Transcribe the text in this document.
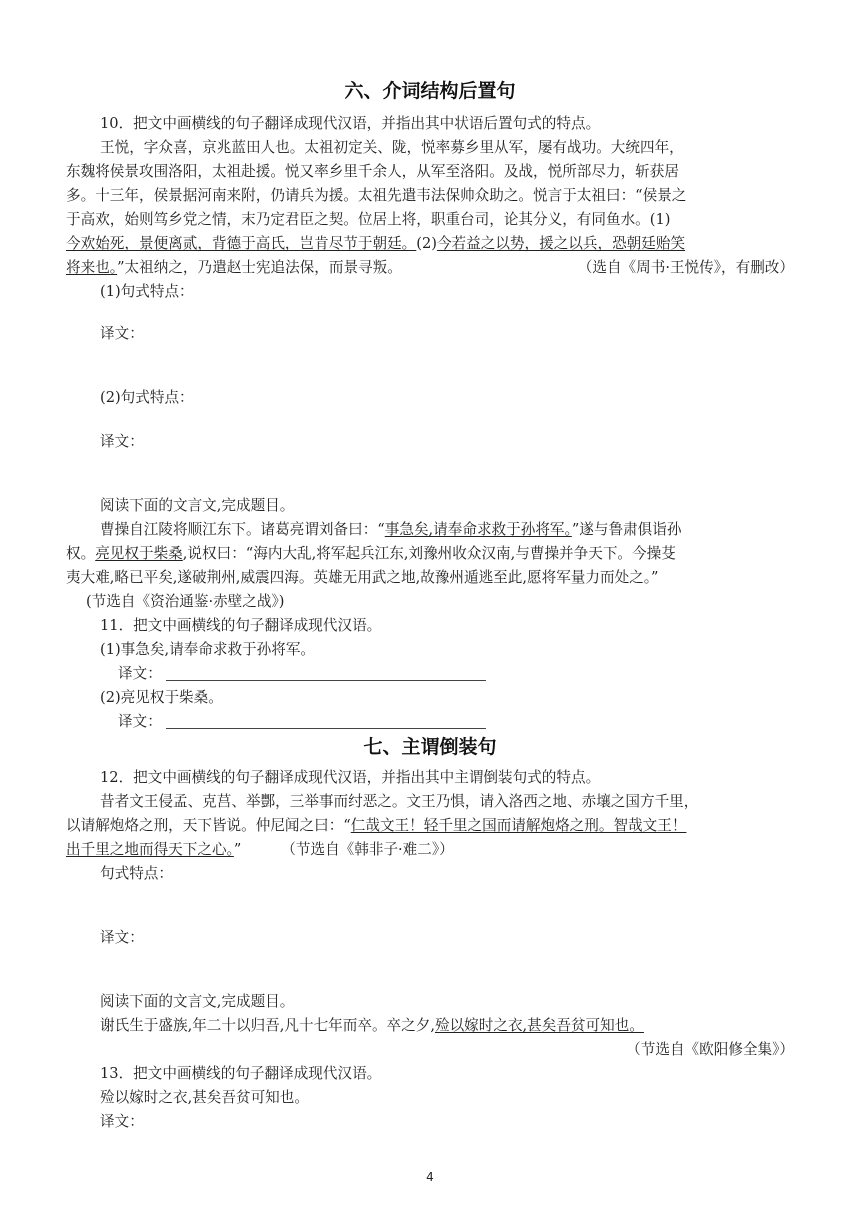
六、介词结构后置句
10．把文中画横线的句子翻译成现代汉语，并指出其中状语后置句式的特点。
王悦，字众喜，京兆蓝田人也。太祖初定关、陇，悦率募乡里从军，屡有战功。大统四年，
东魏将侯景攻围洛阳，太祖赴援。悦又率乡里千余人，从军至洛阳。及战，悦所部尽力，斩获居
多。十三年，侯景据河南来附，仍请兵为援。太祖先遣韦法保帅众助之。悦言于太祖曰：“侯景之
于高欢，始则笃乡党之情，末乃定君臣之契。位居上将，职重台司，论其分义，有同鱼水。(1)
今欢始死，景便离贰，背德于高氏，岂肯尽节于朝廷。(2)今若益之以势，援之以兵，恐朝廷贻笑
将来也。”太祖纳之，乃遣赵士宪追法保，而景寻叛。	（选自《周书·王悦传》，有删改）
(1)句式特点：
译文：
(2)句式特点：
译文：
阅读下面的文言文,完成题目。
曹操自江陵将顺江东下。诸葛亮谓刘备曰：“事急矣,请奉命求救于孙将军。”遂与鲁肃俱诣孙
权。亮见权于柴桑,说权曰：“海内大乱,将军起兵江东,刘豫州收众汉南,与曹操并争天下。今操芟
夷大难,略已平矣,遂破荆州,威震四海。英雄无用武之地,故豫州遁逃至此,愿将军量力而处之。”
(节选自《资治通鉴·赤壁之战》)
11．把文中画横线的句子翻译成现代汉语。
(1)事急矣,请奉命求救于孙将军。
译文：
(2)亮见权于柴桑。
译文：
七、主谓倒装句
12．把文中画横线的句子翻译成现代汉语，并指出其中主谓倒装句式的特点。
昔者文王侵孟、克莒、举酆，三举事而纣恶之。文王乃惧，请入洛西之地、赤壤之国方千里，
以请解炮烙之刑，天下皆说。仲尼闻之曰：“仁哉文王！轻千里之国而请解炮烙之刑。智哉文王！
出千里之地而得天下之心。”	（节选自《韩非子·难二》）
句式特点：
译文：
阅读下面的文言文,完成题目。
谢氏生于盛族,年二十以归吾,凡十七年而卒。卒之夕,殓以嫁时之衣,甚矣吾贫可知也。
（节选自《欧阳修全集》）
13．把文中画横线的句子翻译成现代汉语。
殓以嫁时之衣,甚矣吾贫可知也。
译文：
4
